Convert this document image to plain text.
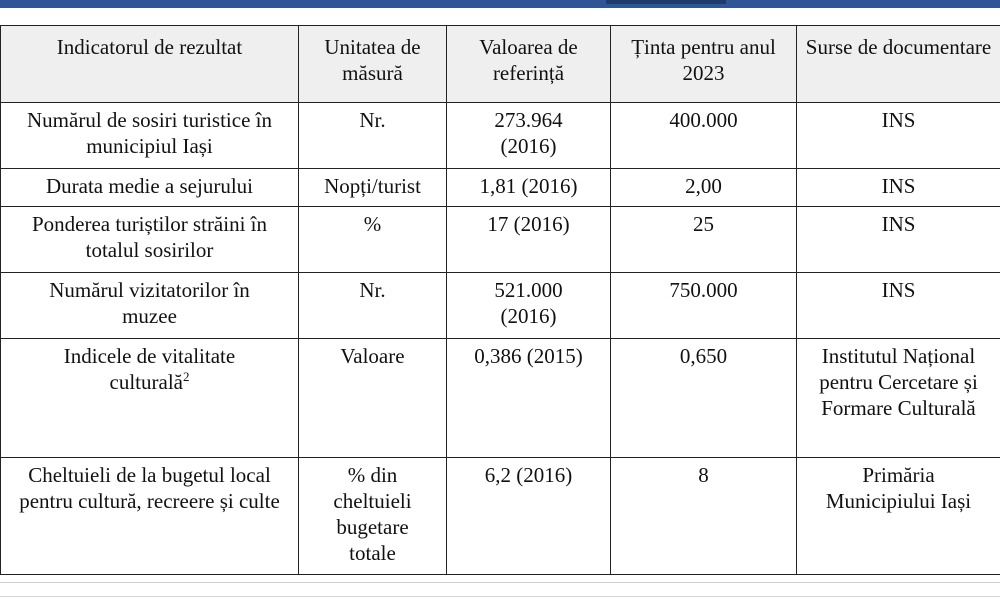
Indicatorul de rezultat	Unitatea de măsură	Valoarea de referință	Ținta pentru anul 2023	Surse de documentare
Numărul de sosiri turistice în municipiul Iași	Nr.	273.964 (2016)	400.000	INS
Durata medie a sejurului	Nopți/turist	1,81 (2016)	2,00	INS
Ponderea turiștilor străini în totalul sosirilor	%	17 (2016)	25	INS
Numărul vizitatorilor în muzee	Nr.	521.000 (2016)	750.000	INS
Indicele de vitalitate culturală$^2$	Valoare	0,386 (2015)	0,650	Institutul Național pentru Cercetare și Formare Culturală
Cheltuieli de la bugetul local pentru cultură, recreere și culte	% din cheltuieli bugetare totale	6,2 (2016)	8	Primăria Municipiului Iași
